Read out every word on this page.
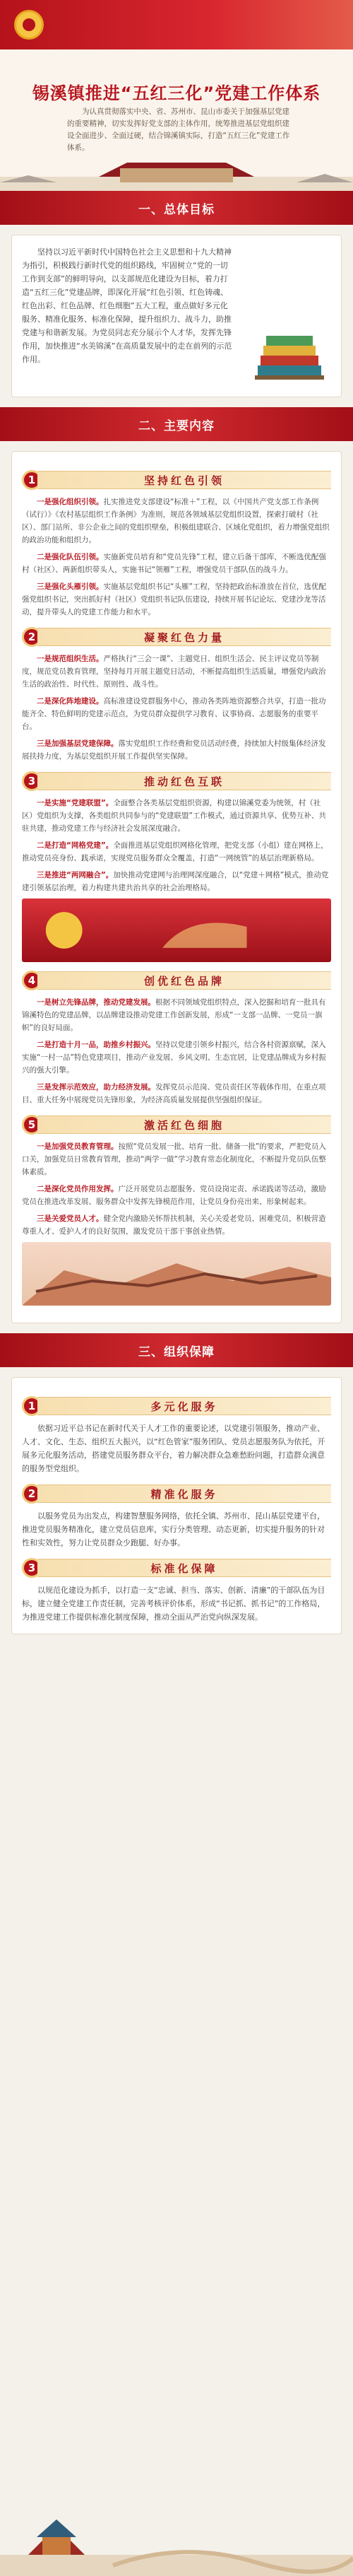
锡溪镇推进“五红三化”党建工作体系
为认真贯彻落实中央、省、苏州市、昆山市委关于加强基层党建的重要精神，切实发挥好党支部的主体作用，统筹推进基层党组织建设全面进步、全面过硬，结合锦溪镇实际，打造“五红三化”党建工作体系。
一、总体目标

坚持以习近平新时代中国特色社会主义思想和十九大精神为指引，积极践行新时代党的组织路线，牢固树立“党的一切工作到支部”的鲜明导向，以支部规范化建设为目标，着力打造“五红三化”党建品牌，即深化开展“红色引领、红色铸魂、红色出彩、红色品牌、红色细胞”五大工程，重点做好多元化服务、精准化服务、标准化保障，提升组织力、战斗力，助推党建与和谐新发展。为党员同志充分展示个人才华，发挥先锋作用，加快推进“水美锦溪”在高质量发展中的走在前列的示范作用。

二、主要内容
1	坚持红色引领
一是强化组织引领。扎实推进党支部建设“标准＋”工程，以《中国共产党支部工作条例（试行）》《农村基层组织工作条例》为准则，规范各领域基层党组织设置，探索打破村（社区）、部门站所、非公企业之间的党组织壁垒，积极组建联合、区域化党组织，着力增强党组织的政治功能和组织力。
二是强化队伍引领。实施新党员培育和“党员先锋”工程，建立后备干部库，不断选优配强村（社区）、两新组织带头人，实施书记“领雁”工程，增强党员干部队伍的战斗力。
三是强化头雁引领。实施基层党组织书记“头雁”工程，坚持把政治标准放在首位，选优配强党组织书记，突出抓好村（社区）党组织书记队伍建设，持续开展书记论坛、党建沙龙等活动，提升带头人的党建工作能力和水平。
2	凝聚红色力量
一是规范组织生活。严格执行“三会一课”、主题党日、组织生活会、民主评议党员等制度，规范党员教育管理，坚持每月开展主题党日活动，不断提高组织生活质量，增强党内政治生活的政治性、时代性、原则性、战斗性。
二是深化阵地建设。高标准建设党群服务中心，推动各类阵地资源整合共享，打造一批功能齐全、特色鲜明的党建示范点，为党员群众提供学习教育、议事协商、志愿服务的重要平台。
三是加强基层党建保障。落实党组织工作经费和党员活动经费，持续加大村级集体经济发展扶持力度，为基层党组织开展工作提供坚实保障。
3	推动红色互联
一是实施“党建联盟”。全面整合各类基层党组织资源，构建以锦溪党委为统领，村（社区）党组织为支撑，各类组织共同参与的“党建联盟”工作模式，通过资源共享、优势互补、共驻共建，推动党建工作与经济社会发展深度融合。
二是打造“网格党建”。全面推进基层党组织网格化管理，把党支部（小组）建在网格上，推动党员亮身份、践承诺，实现党员服务群众全覆盖，打造“一网统管”的基层治理新格局。
三是推进“两网融合”。加快推动党建网与治理网深度融合，以“党建＋网格”模式，推动党建引领基层治理，着力构建共建共治共享的社会治理格局。
4	创优红色品牌
一是树立先锋品牌，推动党建发展。根据不同领域党组织特点，深入挖掘和培育一批具有锦溪特色的党建品牌，以品牌建设推动党建工作创新发展，形成“一支部一品牌、一党员一旗帜”的良好局面。
二是打造十月一品，助推乡村振兴。坚持以党建引领乡村振兴，结合各村资源禀赋，深入实施“一村一品”特色党建项目，推动产业发展、乡风文明、生态宜居，让党建品牌成为乡村振兴的强大引擎。
三是发挥示范效应，助力经济发展。发挥党员示范岗、党员责任区等载体作用，在重点项目、重大任务中展现党员先锋形象，为经济高质量发展提供坚强组织保证。
5	激活红色细胞
一是加强党员教育管理。按照“党员发展一批、培育一批、储备一批”的要求，严把党员入口关，加强党员日常教育管理，推动“两学一做”学习教育常态化制度化，不断提升党员队伍整体素质。
二是深化党员作用发挥。广泛开展党员志愿服务、党员设岗定责、承诺践诺等活动，激励党员在推进改革发展、服务群众中发挥先锋模范作用，让党员身份亮出来、形象树起来。
三是关爱党员人才。健全党内激励关怀帮扶机制，关心关爱老党员、困难党员，积极营造尊重人才、爱护人才的良好氛围，激发党员干部干事创业热情。
三、组织保障
1	多元化服务

依据习近平总书记在新时代关于人才工作的重要论述，以党建引领服务，推动产业、人才、文化、生态、组织五大振兴，以“红色管家”服务团队、党员志愿服务队为依托，开展多元化服务活动，搭建党员服务群众平台，着力解决群众急难愁盼问题，打造群众满意的服务型党组织。

2	精准化服务

以服务党员为出发点，构建智慧服务网络，依托全镇、苏州市、昆山基层党建平台，推进党员服务精准化，建立党员信息库，实行分类管理、动态更新，切实提升服务的针对性和实效性，努力让党员群众少跑腿、好办事。

3	标准化保障

以规范化建设为抓手，以打造一支“忠诚、担当、落实、创新、清廉”的干部队伍为目标，建立健全党建工作责任制，完善考核评价体系，形成“书记抓、抓书记”的工作格局，为推进党建工作提供标准化制度保障，推动全面从严治党向纵深发展。
